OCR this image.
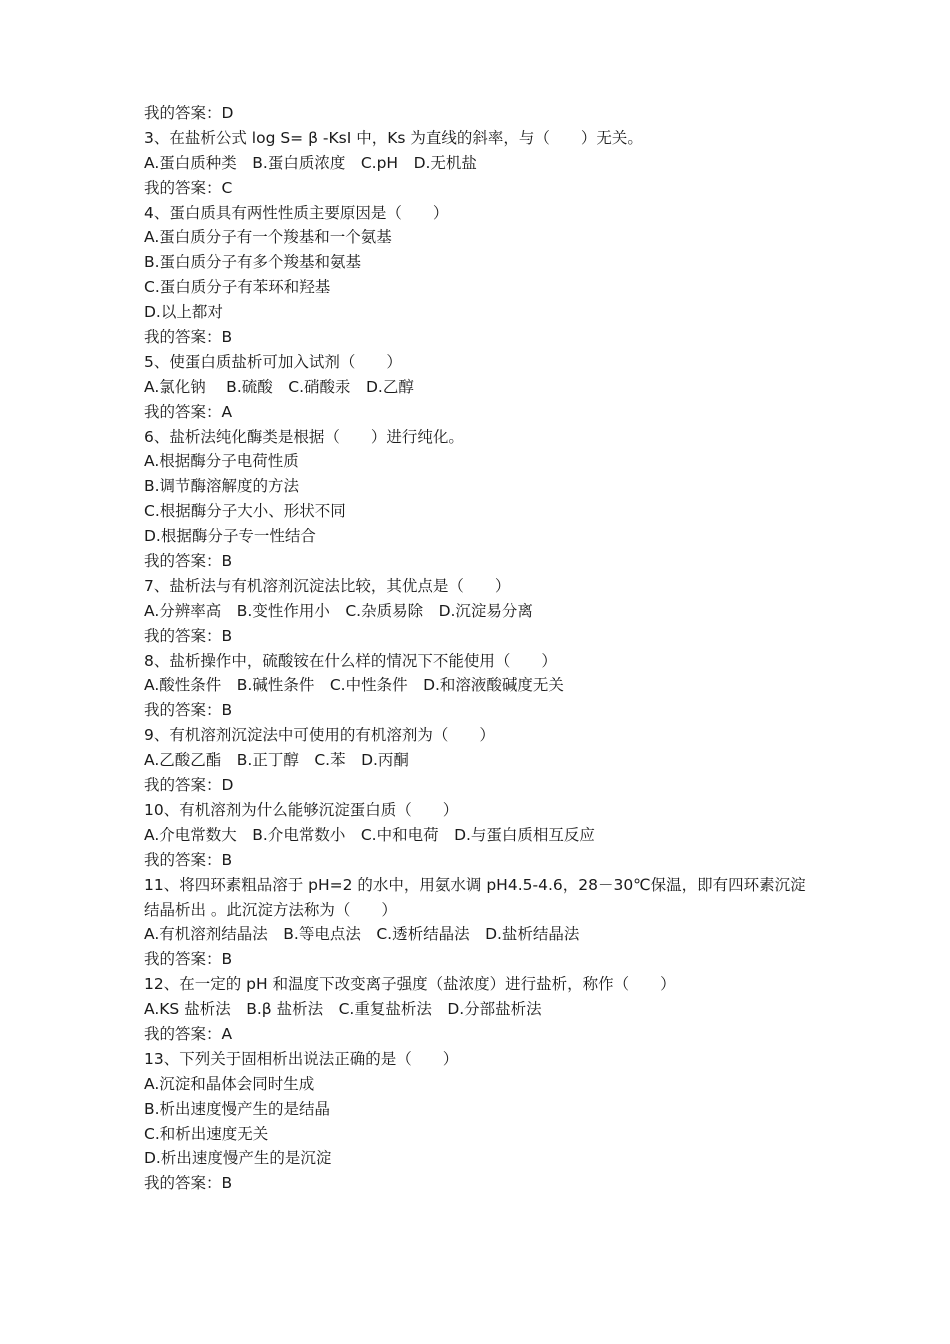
我的答案：D
3、在盐析公式 log S= β -KsI 中，Ks 为直线的斜率，与（　　）无关。
A.蛋白质种类　B.蛋白质浓度　C.pH　D.无机盐
我的答案：C
4、蛋白质具有两性性质主要原因是（　　）
A.蛋白质分子有一个羧基和一个氨基
B.蛋白质分子有多个羧基和氨基
C.蛋白质分子有苯环和羟基
D.以上都对
我的答案：B
5、使蛋白质盐析可加入试剂（　　）
A.氯化钠　 B.硫酸　C.硝酸汞　D.乙醇
我的答案：A
6、盐析法纯化酶类是根据（　　）进行纯化。
A.根据酶分子电荷性质
B.调节酶溶解度的方法
C.根据酶分子大小、形状不同
D.根据酶分子专一性结合
我的答案：B
7、盐析法与有机溶剂沉淀法比较，其优点是（　　）
A.分辨率高　B.变性作用小　C.杂质易除　D.沉淀易分离
我的答案：B
8、盐析操作中，硫酸铵在什么样的情况下不能使用（　　）
A.酸性条件　B.碱性条件　C.中性条件　D.和溶液酸碱度无关
我的答案：B
9、有机溶剂沉淀法中可使用的有机溶剂为（　　）
A.乙酸乙酯　B.正丁醇　C.苯　D.丙酮
我的答案：D
10、有机溶剂为什么能够沉淀蛋白质（　　）
A.介电常数大　B.介电常数小　C.中和电荷　D.与蛋白质相互反应
我的答案：B
11、将四环素粗品溶于 pH=2 的水中，用氨水调 pH4.5-4.6，28－30℃保温，即有四环素沉淀
结晶析出 。此沉淀方法称为（　　）
A.有机溶剂结晶法　B.等电点法　C.透析结晶法　D.盐析结晶法
我的答案：B
12、在一定的 pH 和温度下改变离子强度（盐浓度）进行盐析，称作（　　）
A.KS 盐析法　B.β 盐析法　C.重复盐析法　D.分部盐析法
我的答案：A
13、下列关于固相析出说法正确的是（　　）
A.沉淀和晶体会同时生成
B.析出速度慢产生的是结晶
C.和析出速度无关
D.析出速度慢产生的是沉淀
我的答案：B
